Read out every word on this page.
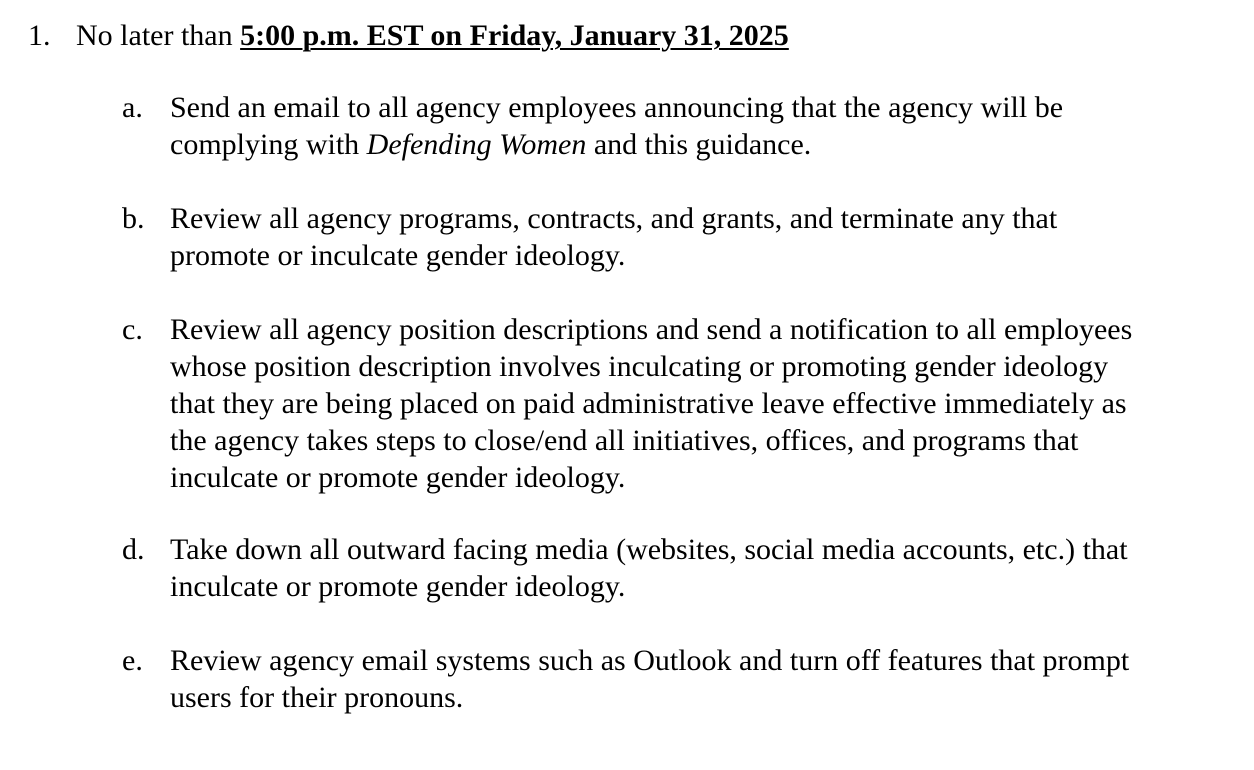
1. No later than 5:00 p.m. EST on Friday, January 31, 2025
a. Send an email to all agency employees announcing that the agency will be
complying with Defending Women and this guidance.
b. Review all agency programs, contracts, and grants, and terminate any that
promote or inculcate gender ideology.
c. Review all agency position descriptions and send a notification to all employees
whose position description involves inculcating or promoting gender ideology
that they are being placed on paid administrative leave effective immediately as
the agency takes steps to close/end all initiatives, offices, and programs that
inculcate or promote gender ideology.
d. Take down all outward facing media (websites, social media accounts, etc.) that
inculcate or promote gender ideology.
e. Review agency email systems such as Outlook and turn off features that prompt
users for their pronouns.
